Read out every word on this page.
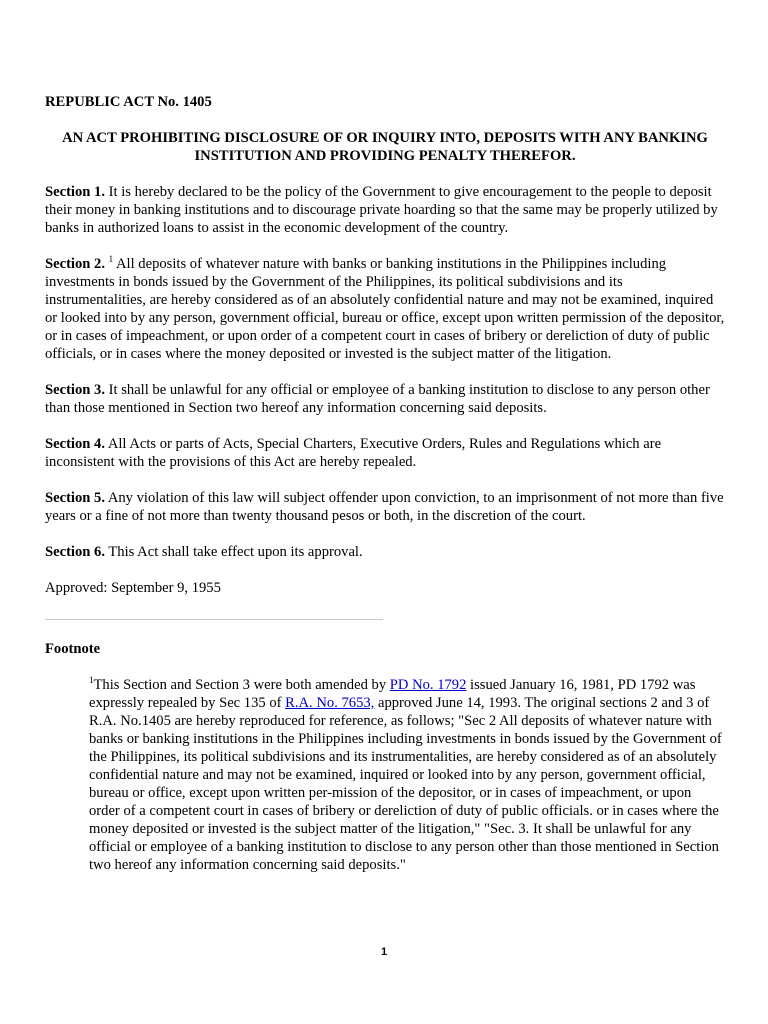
REPUBLIC ACT No. 1405

AN ACT PROHIBITING DISCLOSURE OF OR INQUIRY INTO, DEPOSITS WITH ANY BANKING
INSTITUTION AND PROVIDING PENALTY THEREFOR.

Section 1. It is hereby declared to be the policy of the Government to give encouragement to the people to deposit their money in banking institutions and to discourage private hoarding so that the same may be properly utilized by banks in authorized loans to assist in the economic development of the country.

Section 2. $^1$ All deposits of whatever nature with banks or banking institutions in the Philippines including investments in bonds issued by the Government of the Philippines, its political subdivisions and its instrumentalities, are hereby considered as of an absolutely confidential nature and may not be examined, inquired or looked into by any person, government official, bureau or office, except upon written permission of the depositor, or in cases of impeachment, or upon order of a competent court in cases of bribery or dereliction of duty of public officials, or in cases where the money deposited or invested is the subject matter of the litigation.

Section 3. It shall be unlawful for any official or employee of a banking institution to disclose to any person other than those mentioned in Section two hereof any information concerning said deposits.

Section 4. All Acts or parts of Acts, Special Charters, Executive Orders, Rules and Regulations which are inconsistent with the provisions of this Act are hereby repealed.

Section 5. Any violation of this law will subject offender upon conviction, to an imprisonment of not more than five years or a fine of not more than twenty thousand pesos or both, in the discretion of the court.

Section 6. This Act shall take effect upon its approval.

Approved: September 9, 1955

Footnote

$^1$This Section and Section 3 were both amended by PD No. 1792 issued January 16, 1981, PD 1792 was expressly repealed by Sec 135 of R.A. No. 7653, approved June 14, 1993. The original sections 2 and 3 of R.A. No.1405 are hereby reproduced for reference, as follows; "Sec 2 All deposits of whatever nature with banks or banking institutions in the Philippines including investments in bonds issued by the Government of the Philippines, its political subdivisions and its instrumentalities, are hereby considered as of an absolutely confidential nature and may not be examined, inquired or looked into by any person, government official, bureau or office, except upon written per-mission of the depositor, or in cases of impeachment, or upon order of a competent court in cases of bribery or dereliction of duty of public officials. or in cases where the money deposited or invested is the subject matter of the litigation," "Sec. 3. It shall be unlawful for any official or employee of a banking institution to disclose to any person other than those mentioned in Section two hereof any information concerning said deposits."

1
